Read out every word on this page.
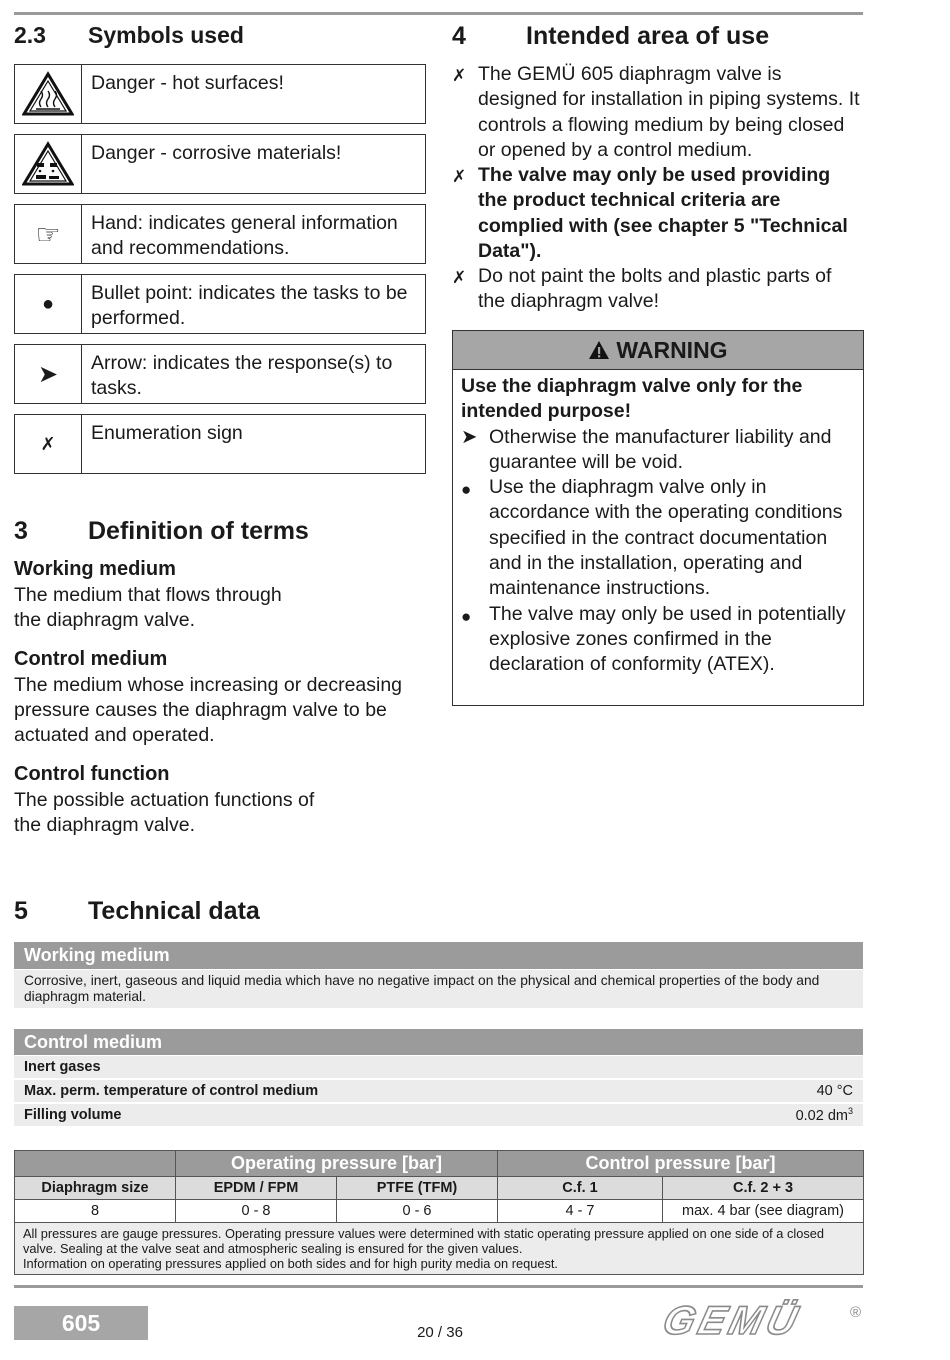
2.3 Symbols used
Danger - hot surfaces!
Danger - corrosive materials!
☞	Hand: indicates general information and recommendations.
●	Bullet point: indicates the tasks to be performed.
➤	Arrow: indicates the response(s) to tasks.
✗	Enumeration sign
3 Definition of terms
Working medium
The medium that flows through the diaphragm valve.
Control medium
The medium whose increasing or decreasing pressure causes the diaphragm valve to be actuated and operated.
Control function
The possible actuation functions of the diaphragm valve.
4 Intended area of use
✗ The GEMÜ 605 diaphragm valve is designed for installation in piping systems. It controls a flowing medium by being closed or opened by a control medium.
✗ The valve may only be used providing the product technical criteria are complied with (see chapter 5 "Technical Data").
✗ Do not paint the bolts and plastic parts of the diaphragm valve!
WARNING
Use the diaphragm valve only for the intended purpose!
➤ Otherwise the manufacturer liability and guarantee will be void.
● Use the diaphragm valve only in accordance with the operating conditions specified in the contract documentation and in the installation, operating and maintenance instructions.
● The valve may only be used in potentially explosive zones confirmed in the declaration of conformity (ATEX).
5 Technical data
Working medium
Corrosive, inert, gaseous and liquid media which have no negative impact on the physical and chemical properties of the body and diaphragm material.
Control medium
Inert gases
Max. perm. temperature of control medium	40 °C
Filling volume	0.02 $dm^3$
	Operating pressure [bar]		Control pressure [bar]	
Diaphragm size	EPDM / FPM	PTFE (TFM)	C.f. 1	C.f. 2 + 3
8	0 - 8	0 - 6	4 - 7	max. 4 bar (see diagram)

All pressures are gauge pressures. Operating pressure values were determined with static operating pressure applied on one side of a closed valve. Sealing at the valve seat and atmospheric sealing is ensured for the given values.
Information on operating pressures applied on both sides and for high purity media on request.				
605	20 / 36	GEMÜ	®
